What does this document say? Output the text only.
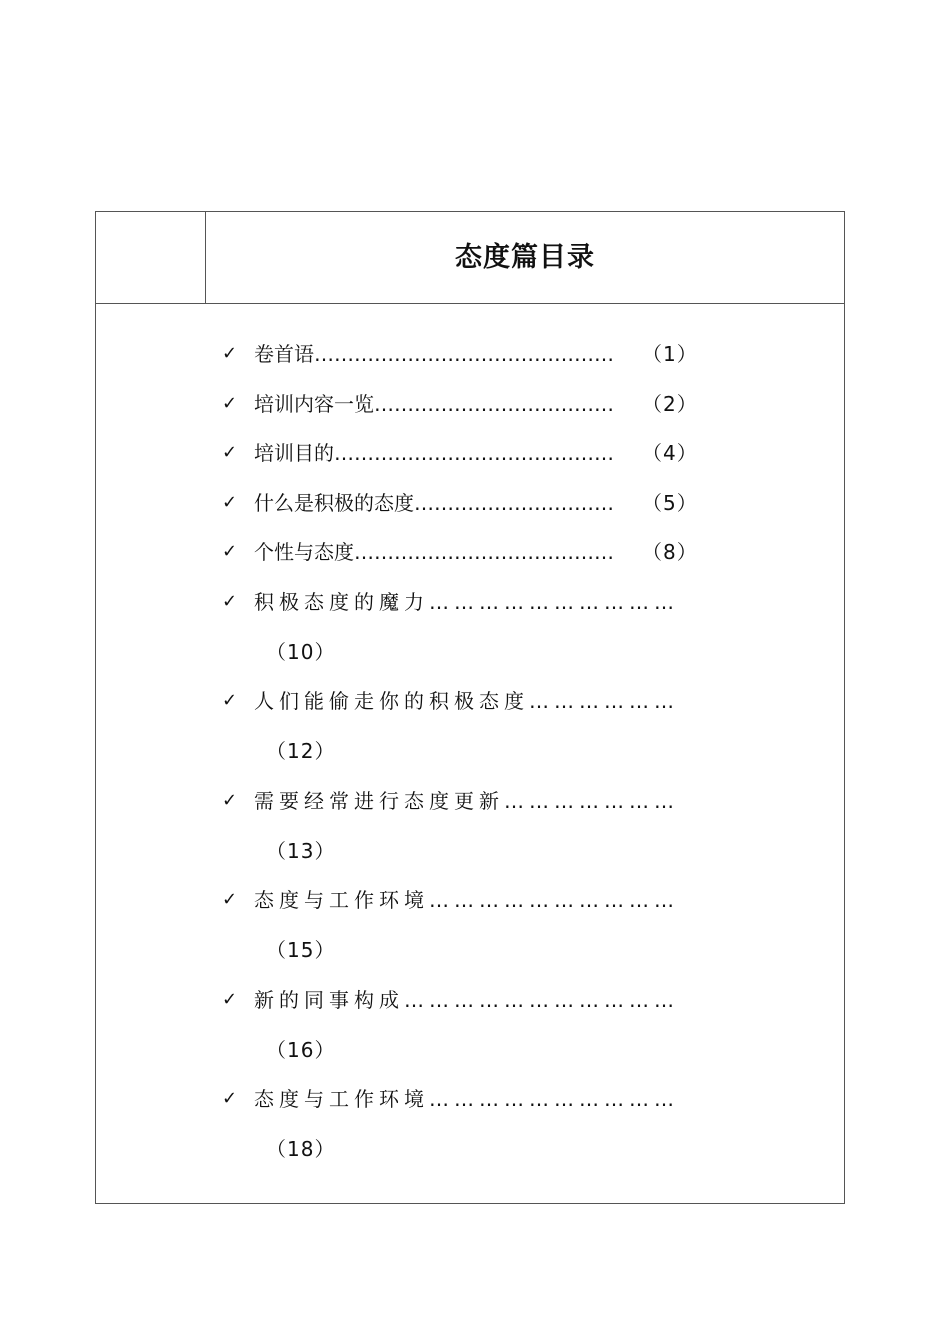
态度篇目录
✓ 卷首语……………………………………… （1）
✓ 培训内容一览……………………………… （2）
✓ 培训目的…………………………………… （4）
✓ 什么是积极的态度………………………… （5）
✓ 个性与态度………………………………… （8）
✓ 积极态度的魔力…………………………
（10）
✓ 人们能偷走你的积极态度………………
（12）
✓ 需要经常进行态度更新…………………
（13）
✓ 态度与工作环境…………………………
（15）
✓ 新的同事构成……………………………
（16）
✓ 态度与工作环境…………………………
（18）
